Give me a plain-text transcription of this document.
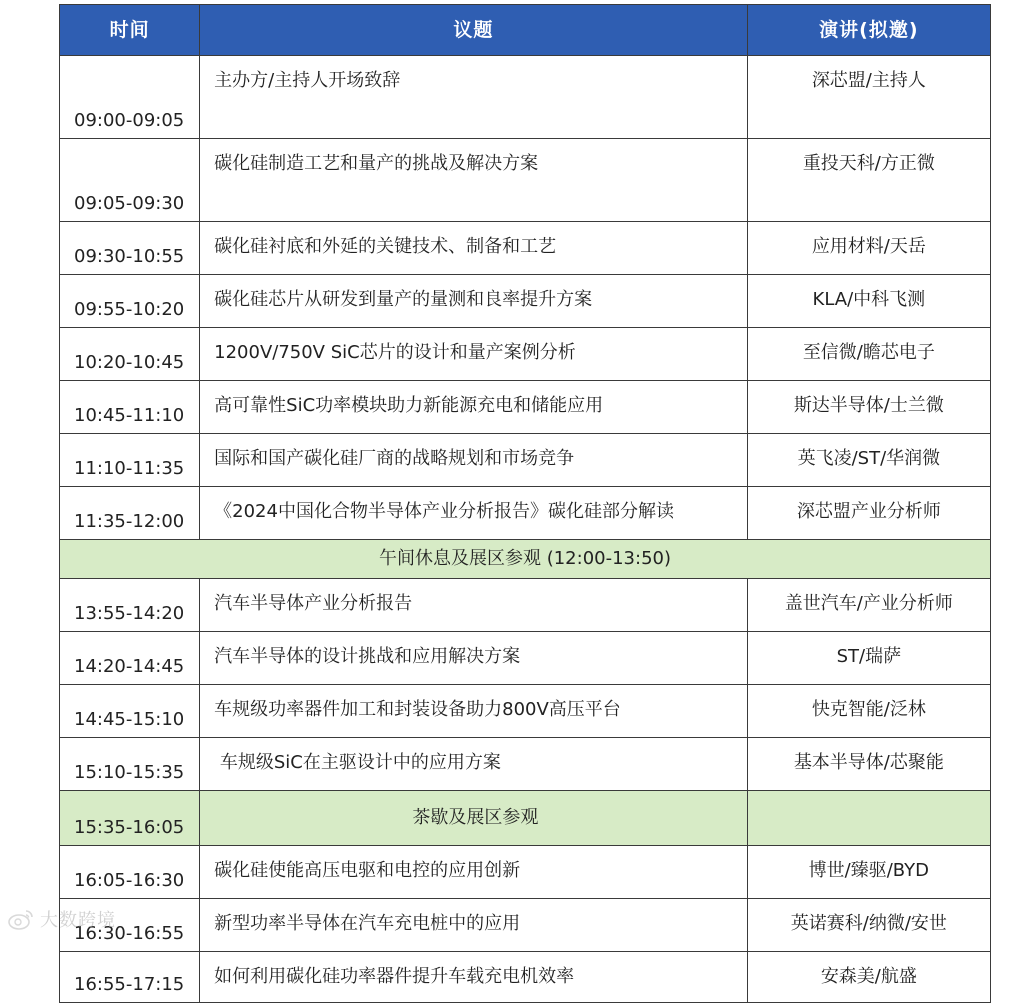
时间	议题	演讲(拟邀)
09:00-09:05	主办方/主持人开场致辞	深芯盟/主持人
09:05-09:30	碳化硅制造工艺和量产的挑战及解决方案	重投天科/方正微
09:30-10:55	碳化硅衬底和外延的关键技术、制备和工艺	应用材料/天岳
09:55-10:20	碳化硅芯片从研发到量产的量测和良率提升方案	KLA/中科飞测
10:20-10:45	1200V/750V SiC芯片的设计和量产案例分析	至信微/瞻芯电子
10:45-11:10	高可靠性SiC功率模块助力新能源充电和储能应用	斯达半导体/士兰微
11:10-11:35	国际和国产碳化硅厂商的战略规划和市场竞争	英飞凌/ST/华润微
11:35-12:00	《2024中国化合物半导体产业分析报告》碳化硅部分解读	深芯盟产业分析师
午间休息及展区参观 (12:00-13:50)		
13:55-14:20	汽车半导体产业分析报告	盖世汽车/产业分析师
14:20-14:45	汽车半导体的设计挑战和应用解决方案	ST/瑞萨
14:45-15:10	车规级功率器件加工和封装设备助力800V高压平台	快克智能/泛林
15:10-15:35	车规级SiC在主驱设计中的应用方案	基本半导体/芯聚能
15:35-16:05	茶歇及展区参观	
16:05-16:30	碳化硅使能高压电驱和电控的应用创新	博世/臻驱/BYD
16:30-16:55	新型功率半导体在汽车充电桩中的应用	英诺赛科/纳微/安世
16:55-17:15	如何利用碳化硅功率器件提升车载充电机效率	安森美/航盛
大数跨境
